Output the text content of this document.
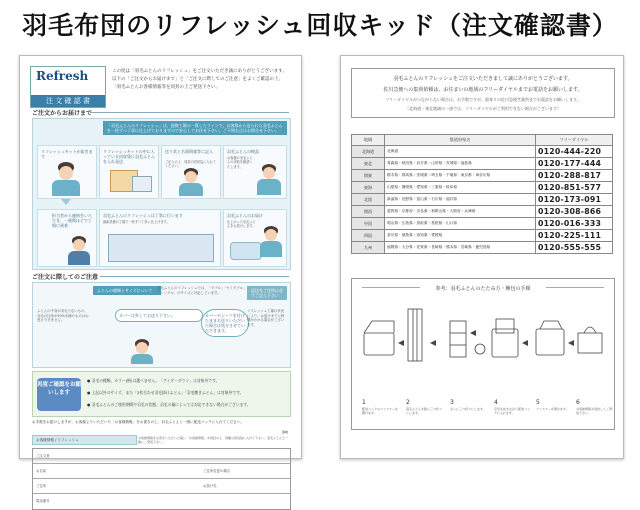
羽毛布団のリフレッシュ回収キッド（注文確認書）
Refresh
注 文 確 認 書
この度は「羽毛ふとんのリフレッシュ」をご注文いただき誠にありがとうございます。
以下の「ご注文からお届けまで」と「ご注文に際してのご注意」をよくご確認の上、
「羽毛ふとんお客様情報等を同封の上ご発送下さい。
ご注文からお届けまで
「羽毛ふとんのリフレッシュ」は、提携工場の一貫したラインで、お客様から送られた羽毛ふとんを一枚ずつ丁寧に仕上げておりますので安心してお任せ下さい。ご不明な点はお問合せ下さい。
リフレッシュキットが届きます
リフレッシュキットの中に入っている回収袋に羽毛ふとんを入れ発送
送り状と名事情報等に記入
ご記入の上、同封の回収袋に入れてください。
羽毛ふとんの検品
お客様の羽毛ふとんの状態を確認いたします。
担当者から連絡をいただき、一週間ほどで工場に到着
羽毛ふとんのリフレッシュは丁寧に行います
最新設備の工場で一枚ずつ丁寧に仕上げます。
羽毛ふとんのお届け
仕上がった羽毛ふとんをお届けします。
ご注文に際してのご注意
ふとんの種類とサイズについて	羽毛ふとんのリフレッシュでは、「ダブル」「セミダブル」「シングル」のサイズに対応しています。	返送先ご住所は必ずご記入下さい
ふとんの中身が羽毛でないもの、羽毛の比率が50%未満のものはお受けできません。
カバーは外してお送り下さい。	カバーやシーツを付けたままお送りいただいた場合は処分させていただきます。
リフレッシュ工場の状況により、お届けまでに時間がかかる場合がございます。
再度ご確認をお願いします
● 羽毛の種類、カラー(柄)は選べません。「アイダーダウン」は対象外です。
● 上記以外のサイズ、また「2枚合わせ羽毛掛けふとん」「羽毛敷きふとん」は対象外です。
● 羽毛ふとんのご使用期間や羽毛の状態、羽毛の量によっては対応できない場合がございます。
お手数をお掛けしますが、お客様よりいただいた「お客様情報」をお書きの上、羽毛ふとんと一緒に配送パックに入れてください。
お客様情報 / リフレッシュ	お客様情報をお書きいただいた後に「お客様情報」を同封の上、同梱の回収袋に入れて下さい。羽毛ふとんと一緒にご発送下さい。
✂
ご注文者
お名前
ご住所
電話番号
ご住所変更の場合
お届け先
羽毛ふとんのリフレッシュをご注文いただきまして誠にありがとうございます。
佐川急便への集荷依頼は、お住まいの地域のフリーダイヤルまでお電話をお願いします。
フリーダイヤルがつながらない場合は、お手数ですが、最寄りの佐川急便営業所までお電話をお願いします。
（北海道・東北地域の一部では、フリーダイヤルがご利用できない場合がございます）
地域	都道府県名	フリーダイヤル
北海道	北海道	0120-444-220
東北	青森県・秋田県・岩手県・山形県・宮城県・福島県	0120-177-444
関東	栃木県・群馬県・茨城県・埼玉県・千葉県・東京都・神奈川県	0120-288-817
東海	山梨県・静岡県・愛知県・三重県・岐阜県	0120-851-577
北陸	新潟県・長野県・富山県・石川県・福井県	0120-173-091
関西	滋賀県・京都府・奈良県・和歌山県・大阪府・兵庫県	0120-308-866
中国	岡山県・広島県・鳥取県・島根県・山口県	0120-016-333
四国	香川県・徳島県・高知県・愛媛県	0120-225-111
九州	福岡県・大分県・佐賀県・長崎県・熊本県・宮崎県・鹿児島県	0120-555-555
参考：羽毛ふとんのたたみ方・梱包の手順
1
配送パックのファスナーを開けます。
2
羽毛ふとんを縦に三つ折りにします。
3
さらに三つ折りにします。
4
空気を抜きながら配送パックに入れます。
5
ファスナーを閉めます。
6
お客様情報を同封してご発送下さい。
